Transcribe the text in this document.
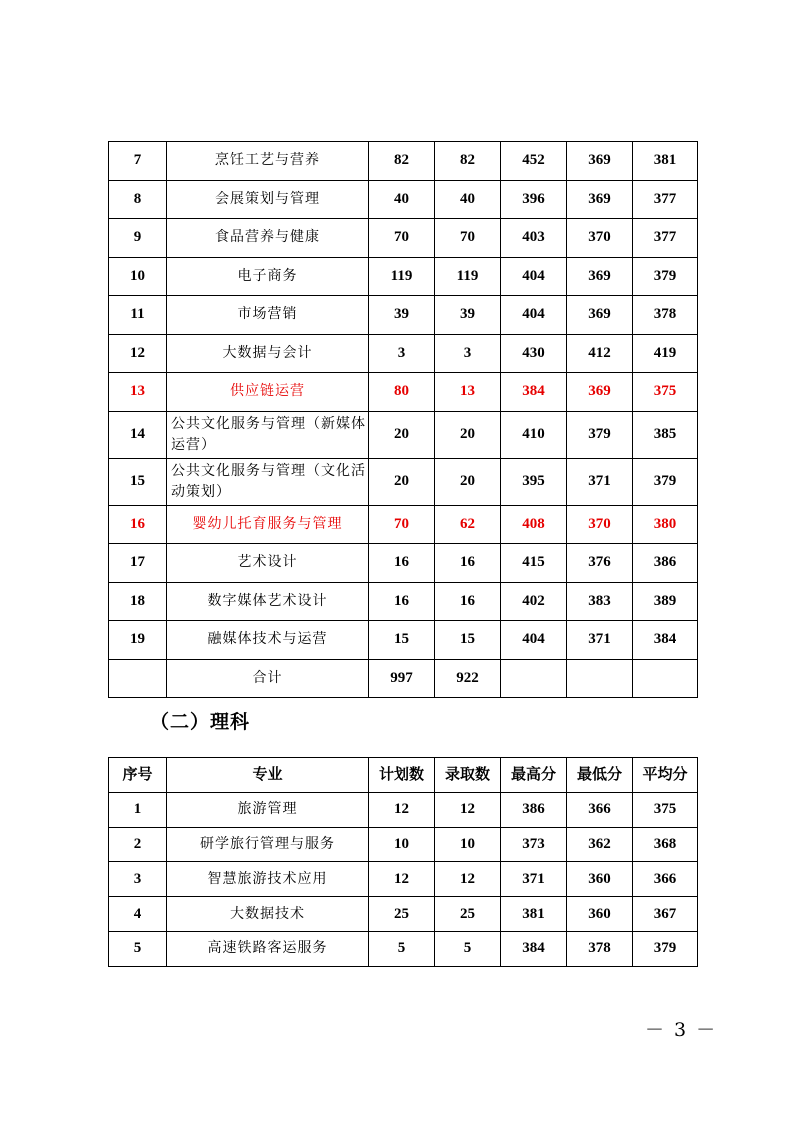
7	烹饪工艺与营养	82	82	452	369	381
8	会展策划与管理	40	40	396	369	377
9	食品营养与健康	70	70	403	370	377
10	电子商务	119	119	404	369	379
11	市场营销	39	39	404	369	378
12	大数据与会计	3	3	430	412	419
13	供应链运营	80	13	384	369	375
14	公共文化服务与管理（新媒体运营）	20	20	410	379	385
15	公共文化服务与管理（文化活动策划）	20	20	395	371	379
16	婴幼儿托育服务与管理	70	62	408	370	380
17	艺术设计	16	16	415	376	386
18	数字媒体艺术设计	16	16	402	383	389
19	融媒体技术与运营	15	15	404	371	384
	合计	997	922			
（二）理科
序号	专业	计划数	录取数	最高分	最低分	平均分
1	旅游管理	12	12	386	366	375
2	研学旅行管理与服务	10	10	373	362	368
3	智慧旅游技术应用	12	12	371	360	366
4	大数据技术	25	25	381	360	367
5	高速铁路客运服务	5	5	384	378	379
－ 3 －
